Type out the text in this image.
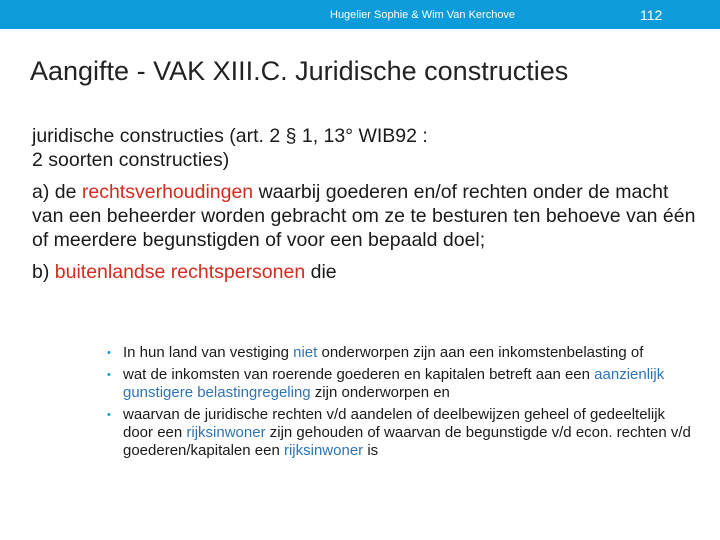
Hugelier Sophie & Wim Van Kerchove	112
Aangifte - VAK XIII.C. Juridische constructies

juridische constructies (art. 2 § 1, 13° WIB92 :
2 soorten constructies)

a) de rechtsverhoudingen waarbij goederen en/of rechten onder de macht van een beheerder worden gebracht om ze te besturen ten behoeve van één of meerdere begunstigden of voor een bepaald doel;

b) buitenlandse rechtspersonen die

• In hun land van vestiging niet onderworpen zijn aan een inkomstenbelasting of
• wat de inkomsten van roerende goederen en kapitalen betreft aan een aanzienlijk gunstigere belastingregeling zijn onderworpen en
• waarvan de juridische rechten v/d aandelen of deelbewijzen geheel of gedeeltelijk door een rijksinwoner zijn gehouden of waarvan de begunstigde v/d econ. rechten v/d goederen/kapitalen een rijksinwoner is
